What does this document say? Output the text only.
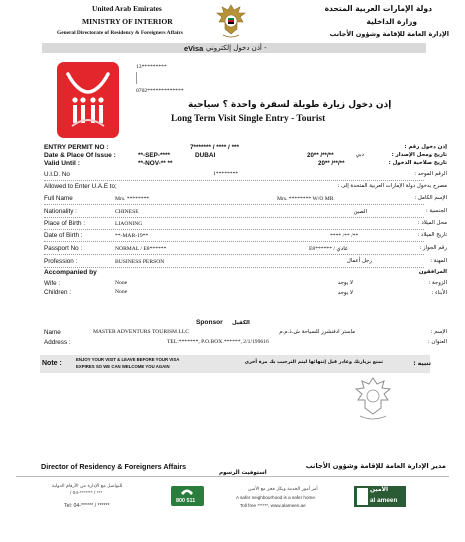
United Arab Emirates
MINISTRY OF INTERIOR
General Directorate of Residency & Foreigners Affairs
دولة الإمارات العربية المتحدة
وزارة الداخلية
الإدارة العامة للإقامة وشؤون الأجانب
eVisa - أذن دخول إلكتروني
13*********
0702*************
إذن دخول زيارة طويلة لسفرة واحدة ؟ سياحية
Long Term Visit Single Entry - Tourist
ENTRY PERMIT NO :	7******* / **** / ***	إذن دخول رقم :
Date & Place Of Issue :	**-SEP-****	DUBAI	20** /**/**	دبي	تاريخ ومحل الإصدار :
Valid Until :	**-NOV-** **	20** /**/**	تاريخ صلاحية الدخول :
U.I.D. No	1********	الرقم الموحد :
Allowed to Enter U.A.E to;	مصرح بدخول دولة الإمارات العربية المتحدة إلى :
Full Name	Mrs. ********	Mrs. ******** W/O MR	الإسم الكامل :
Nationality :	CHINESE	الصين	الجنسية :
Place of Birth :	LIAONING	محل الميلاد :
Date of Birth :	**-MAR-19**	**** /** /**	تاريخ الميلاد :
Passport No :	NORMAL / E8******	E8****** / عادي	رقم الجواز :
Profession :	BUSINESS PERSON	رجل أعمال	المهنة :
Accompanied by	المرافقون
Wife :	None	لا يوجد	الزوجة :
Children :	None	لا يوجد	الأبناء :
Sponsor الكفيل
Name	MASTER ADVENTURS TOURISM LLC	ماستر ادفنشرز للسياحة ش.ذ.م.م	الإسم :
Address :	TEL:*******, P.O.BOX.******, 2/1/199616	العنوان :
Note :
ENJOY YOUR VISIT & LEAVE BEFORE YOUR VISA
EXPIRES SO WE CAN WELCOME YOU AGAIN
تمتع بزيارتك وغادر قبل إنتهائها ليتم الترحيب بك مرة أخرى	تنبيه :
Director of Residency & Foreigners Affairs	مدير الإدارة العامة للإقامة وشؤون الأجانب
استوفيت الرسوم
للتواصل مع الإدارة من الأرقام الدولية
/ 04-******* / ***
Tel: 04-****** / ******
800 511
أمر أمور الخدمة وبكل فخر مع الأمين
A safer neighbourhood is a safer home.
Toll free ******, www.alameen.ae
الأمين
al ameen
